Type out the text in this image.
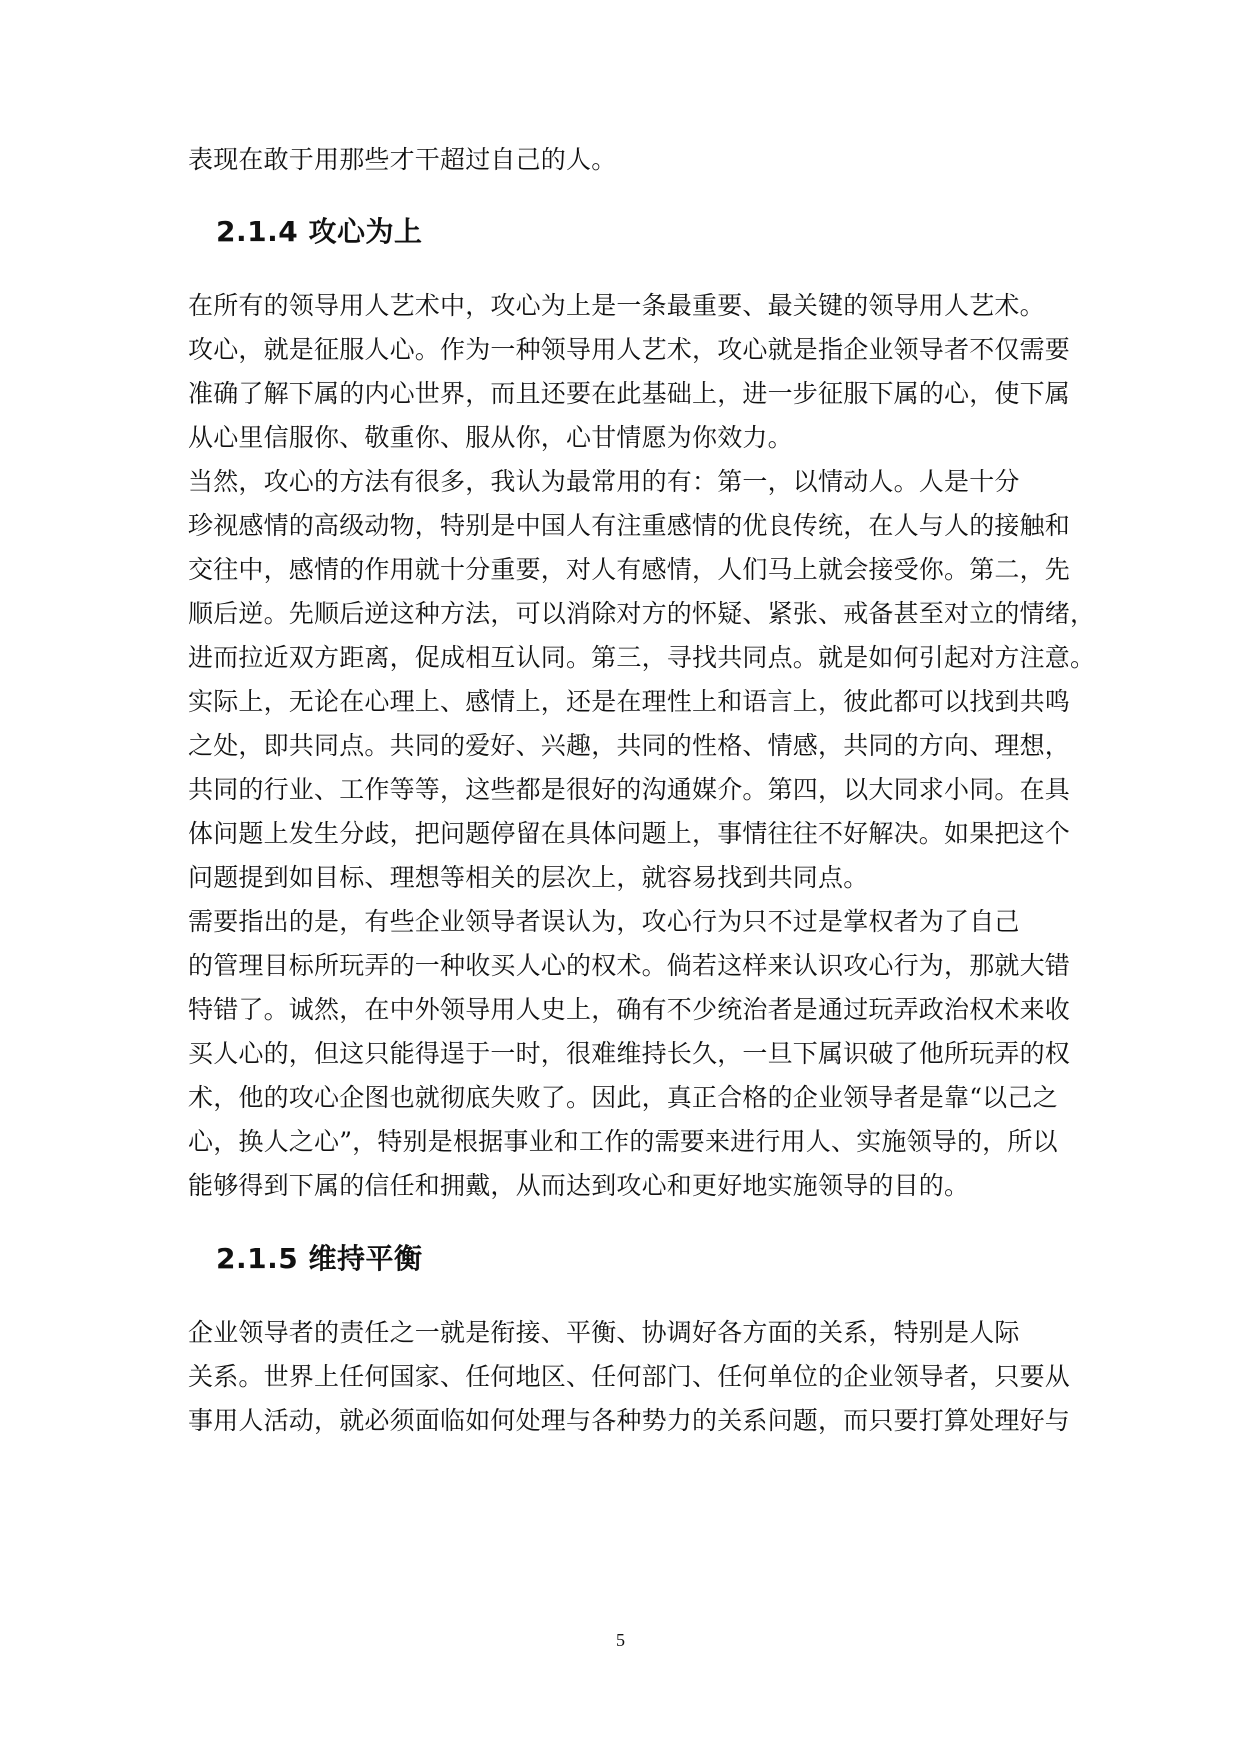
表现在敢于用那些才干超过自己的人。
2.1.4 攻心为上
在所有的领导用人艺术中，攻心为上是一条最重要、最关键的领导用人艺术。
攻心，就是征服人心。作为一种领导用人艺术，攻心就是指企业领导者不仅需要
准确了解下属的内心世界，而且还要在此基础上，进一步征服下属的心，使下属
从心里信服你、敬重你、服从你，心甘情愿为你效力。
当然，攻心的方法有很多，我认为最常用的有：第一，以情动人。人是十分
珍视感情的高级动物，特别是中国人有注重感情的优良传统，在人与人的接触和
交往中，感情的作用就十分重要，对人有感情，人们马上就会接受你。第二，先
顺后逆。先顺后逆这种方法，可以消除对方的怀疑、紧张、戒备甚至对立的情绪，
进而拉近双方距离，促成相互认同。第三，寻找共同点。就是如何引起对方注意。
实际上，无论在心理上、感情上，还是在理性上和语言上，彼此都可以找到共鸣
之处，即共同点。共同的爱好、兴趣，共同的性格、情感，共同的方向、理想，
共同的行业、工作等等，这些都是很好的沟通媒介。第四，以大同求小同。在具
体问题上发生分歧，把问题停留在具体问题上，事情往往不好解决。如果把这个
问题提到如目标、理想等相关的层次上，就容易找到共同点。
需要指出的是，有些企业领导者误认为，攻心行为只不过是掌权者为了自己
的管理目标所玩弄的一种收买人心的权术。倘若这样来认识攻心行为，那就大错
特错了。诚然，在中外领导用人史上，确有不少统治者是通过玩弄政治权术来收
买人心的，但这只能得逞于一时，很难维持长久，一旦下属识破了他所玩弄的权
术，他的攻心企图也就彻底失败了。因此，真正合格的企业领导者是靠“以己之
心，换人之心”，特别是根据事业和工作的需要来进行用人、实施领导的，所以
能够得到下属的信任和拥戴，从而达到攻心和更好地实施领导的目的。
2.1.5 维持平衡
企业领导者的责任之一就是衔接、平衡、协调好各方面的关系，特别是人际
关系。世界上任何国家、任何地区、任何部门、任何单位的企业领导者，只要从
事用人活动，就必须面临如何处理与各种势力的关系问题，而只要打算处理好与
5
